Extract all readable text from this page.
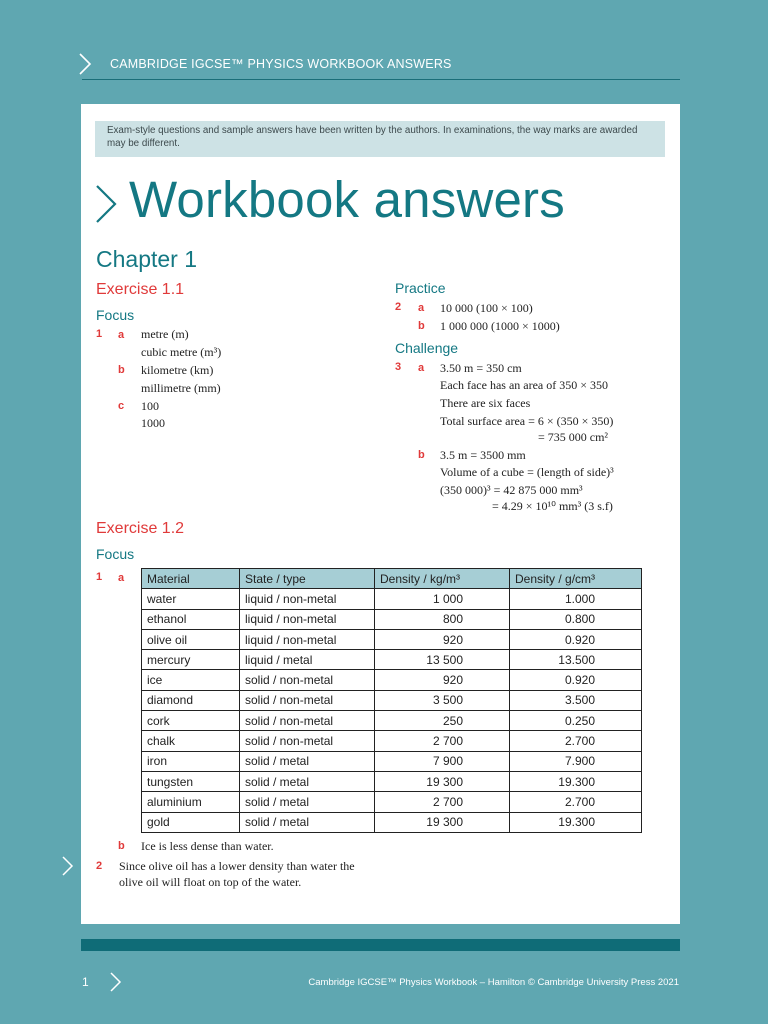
CAMBRIDGE IGCSE™ PHYSICS WORKBOOK ANSWERS
Exam-style questions and sample answers have been written by the authors. In examinations, the way marks are awarded may be different.
Workbook answers
Chapter 1
Exercise 1.1
Focus
1 a metre (m)
cubic metre (m³)
b kilometre (km)
millimetre (mm)
c 100
1000
Practice
2 a 10 000 (100 × 100)
b 1 000 000 (1000 × 1000)
Challenge
3 a 3.50 m = 350 cm
Each face has an area of 350 × 350
There are six faces
Total surface area = 6 × (350 × 350)
= 735 000 cm²
b 3.5 m = 3500 mm
Volume of a cube = (length of side)³
(350 000)³ = 42 875 000 mm³
= 4.29 × 10¹⁰ mm³ (3 s.f)
Exercise 1.2
Focus
1 a Material	State / type	Density / kg/m³	Density / g/cm³
water	liquid / non-metal	1 000	1.000
ethanol	liquid / non-metal	800	0.800
olive oil	liquid / non-metal	920	0.920
mercury	liquid / metal	13 500	13.500
ice	solid / non-metal	920	0.920
diamond	solid / non-metal	3 500	3.500
cork	solid / non-metal	250	0.250
chalk	solid / non-metal	2 700	2.700
iron	solid / metal	7 900	7.900
tungsten	solid / metal	19 300	19.300
aluminium	solid / metal	2 700	2.700
gold	solid / metal	19 300	19.300
b Ice is less dense than water.
2 Since olive oil has a lower density than water the
olive oil will float on top of the water.
1	Cambridge IGCSE™ Physics Workbook – Hamilton © Cambridge University Press 2021
